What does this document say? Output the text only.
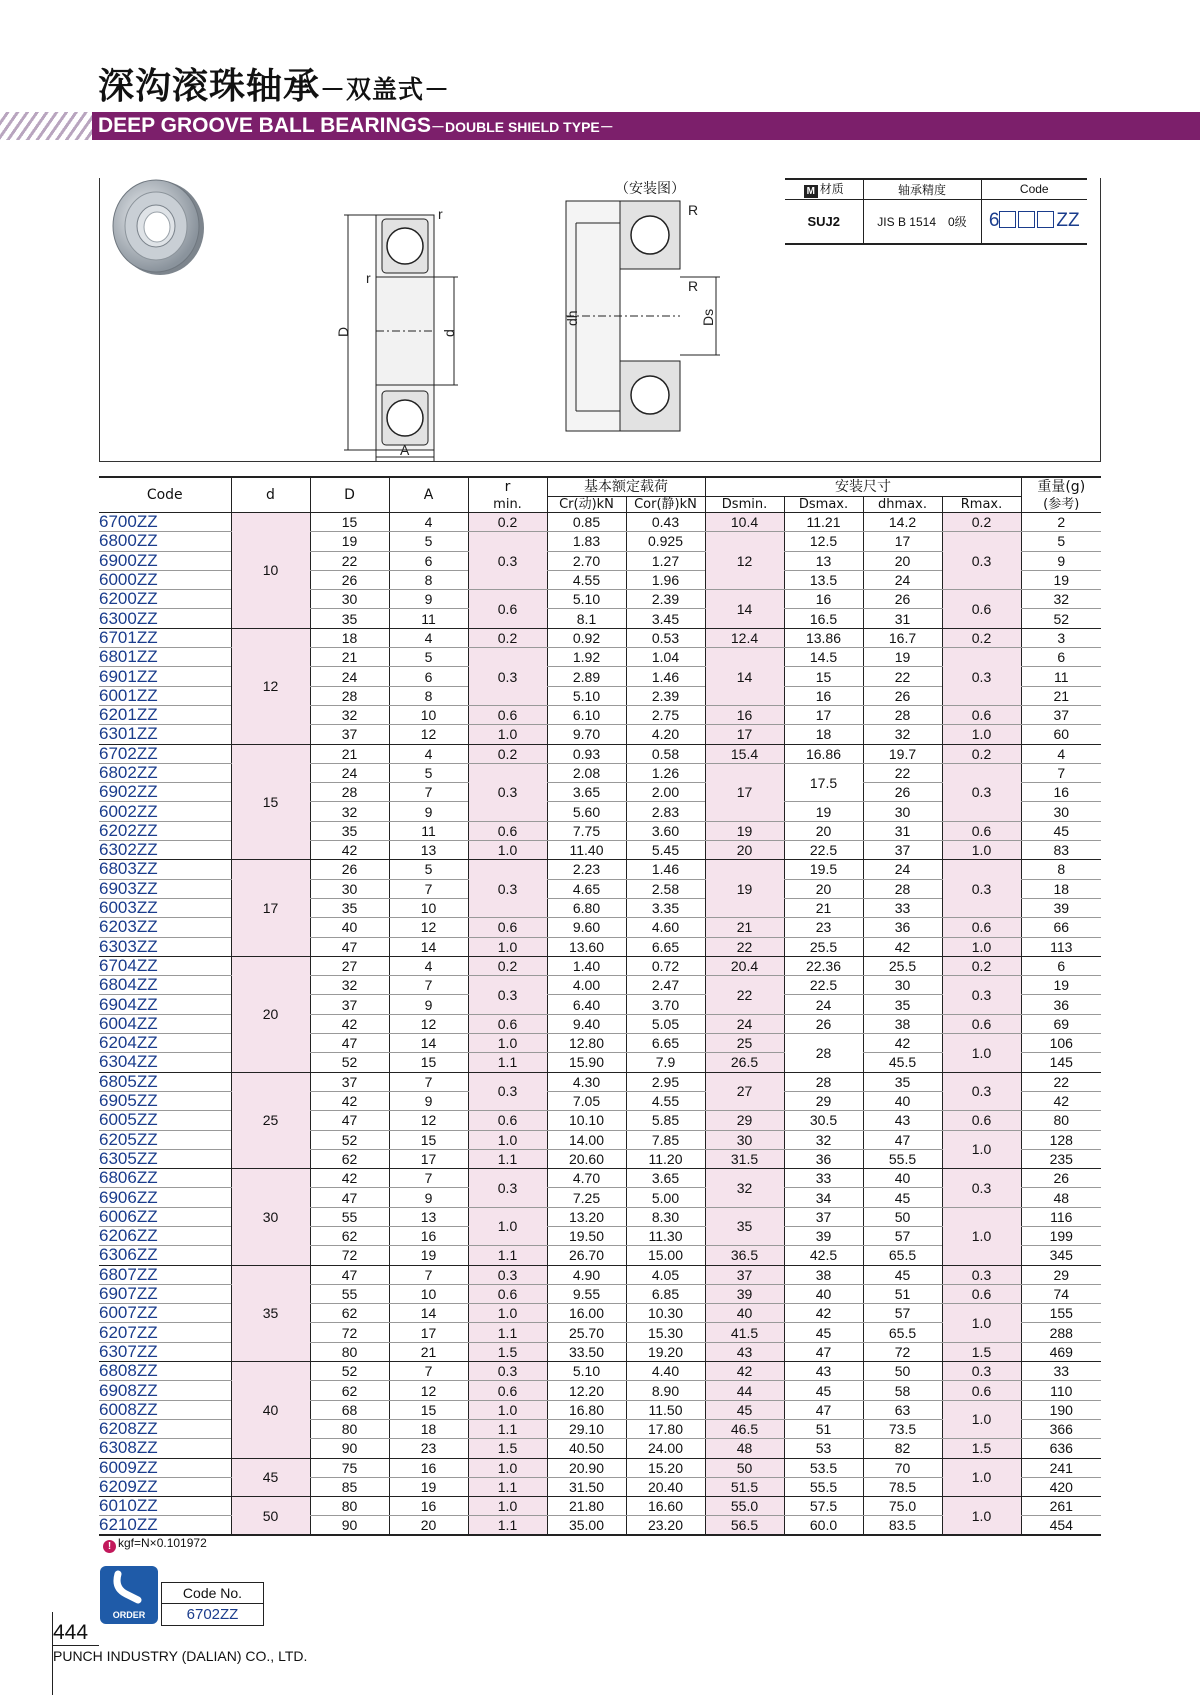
深沟滚珠轴承－双盖式－
DEEP GROOVE BALL BEARINGS－DOUBLE SHIELD TYPE－
r
r
D	d
A
（安装图）
R
R
dh	Ds
M 材质	轴承精度	Code
SUJ2	JIS B 1514　0级	6 ZZ
Code	d	D	A	r	基本额定载荷		安装尺寸				重量(g)
				min.	Cr(动)kN	Cor(静)kN	Dsmin.	Dsmax.	dhmax.	Rmax.	(参考)
6700ZZ	10	15	4	0.2	0.85	0.43	10.4	11.21	14.2	0.2	2
6800ZZ		19	5	0.3	1.83	0.925	12	12.5	17	0.3	5
6900ZZ		22	6		2.70	1.27		13	20		9
6000ZZ		26	8		4.55	1.96		13.5	24		19
6200ZZ		30	9	0.6	5.10	2.39	14	16	26	0.6	32
6300ZZ		35	11		8.1	3.45		16.5	31		52
6701ZZ	12	18	4	0.2	0.92	0.53	12.4	13.86	16.7	0.2	3
6801ZZ		21	5	0.3	1.92	1.04	14	14.5	19	0.3	6
6901ZZ		24	6		2.89	1.46		15	22		11
6001ZZ		28	8		5.10	2.39		16	26		21
6201ZZ		32	10	0.6	6.10	2.75	16	17	28	0.6	37
6301ZZ		37	12	1.0	9.70	4.20	17	18	32	1.0	60
6702ZZ	15	21	4	0.2	0.93	0.58	15.4	16.86	19.7	0.2	4
6802ZZ		24	5	0.3	2.08	1.26	17	17.5	22	0.3	7
6902ZZ		28	7		3.65	2.00			26		16
6002ZZ		32	9		5.60	2.83		19	30		30
6202ZZ		35	11	0.6	7.75	3.60	19	20	31	0.6	45
6302ZZ		42	13	1.0	11.40	5.45	20	22.5	37	1.0	83
6803ZZ	17	26	5	0.3	2.23	1.46	19	19.5	24	0.3	8
6903ZZ		30	7		4.65	2.58		20	28		18
6003ZZ		35	10		6.80	3.35		21	33		39
6203ZZ		40	12	0.6	9.60	4.60	21	23	36	0.6	66
6303ZZ		47	14	1.0	13.60	6.65	22	25.5	42	1.0	113
6704ZZ	20	27	4	0.2	1.40	0.72	20.4	22.36	25.5	0.2	6
6804ZZ		32	7	0.3	4.00	2.47	22	22.5	30	0.3	19
6904ZZ		37	9		6.40	3.70		24	35		36
6004ZZ		42	12	0.6	9.40	5.05	24	26	38	0.6	69
6204ZZ		47	14	1.0	12.80	6.65	25	28	42	1.0	106
6304ZZ		52	15	1.1	15.90	7.9	26.5		45.5		145
6805ZZ	25	37	7	0.3	4.30	2.95	27	28	35	0.3	22
6905ZZ		42	9		7.05	4.55		29	40		42
6005ZZ		47	12	0.6	10.10	5.85	29	30.5	43	0.6	80
6205ZZ		52	15	1.0	14.00	7.85	30	32	47	1.0	128
6305ZZ		62	17	1.1	20.60	11.20	31.5	36	55.5		235
6806ZZ	30	42	7	0.3	4.70	3.65	32	33	40	0.3	26
6906ZZ		47	9		7.25	5.00		34	45		48
6006ZZ		55	13	1.0	13.20	8.30	35	37	50	1.0	116
6206ZZ		62	16		19.50	11.30		39	57		199
6306ZZ		72	19	1.1	26.70	15.00	36.5	42.5	65.5		345
6807ZZ	35	47	7	0.3	4.90	4.05	37	38	45	0.3	29
6907ZZ		55	10	0.6	9.55	6.85	39	40	51	0.6	74
6007ZZ		62	14	1.0	16.00	10.30	40	42	57	1.0	155
6207ZZ		72	17	1.1	25.70	15.30	41.5	45	65.5		288
6307ZZ		80	21	1.5	33.50	19.20	43	47	72	1.5	469
6808ZZ	40	52	7	0.3	5.10	4.40	42	43	50	0.3	33
6908ZZ		62	12	0.6	12.20	8.90	44	45	58	0.6	110
6008ZZ		68	15	1.0	16.80	11.50	45	47	63	1.0	190
6208ZZ		80	18	1.1	29.10	17.80	46.5	51	73.5		366
6308ZZ		90	23	1.5	40.50	24.00	48	53	82	1.5	636
6009ZZ	45	75	16	1.0	20.90	15.20	50	53.5	70	1.0	241
6209ZZ		85	19	1.1	31.50	20.40	51.5	55.5	78.5		420
6010ZZ	50	80	16	1.0	21.80	16.60	55.0	57.5	75.0	1.0	261
6210ZZ		90	20	1.1	35.00	23.20	56.5	60.0	83.5		454
! kgf=N×0.101972
ORDER
Code No.
6702ZZ
444
PUNCH INDUSTRY (DALIAN) CO., LTD.
